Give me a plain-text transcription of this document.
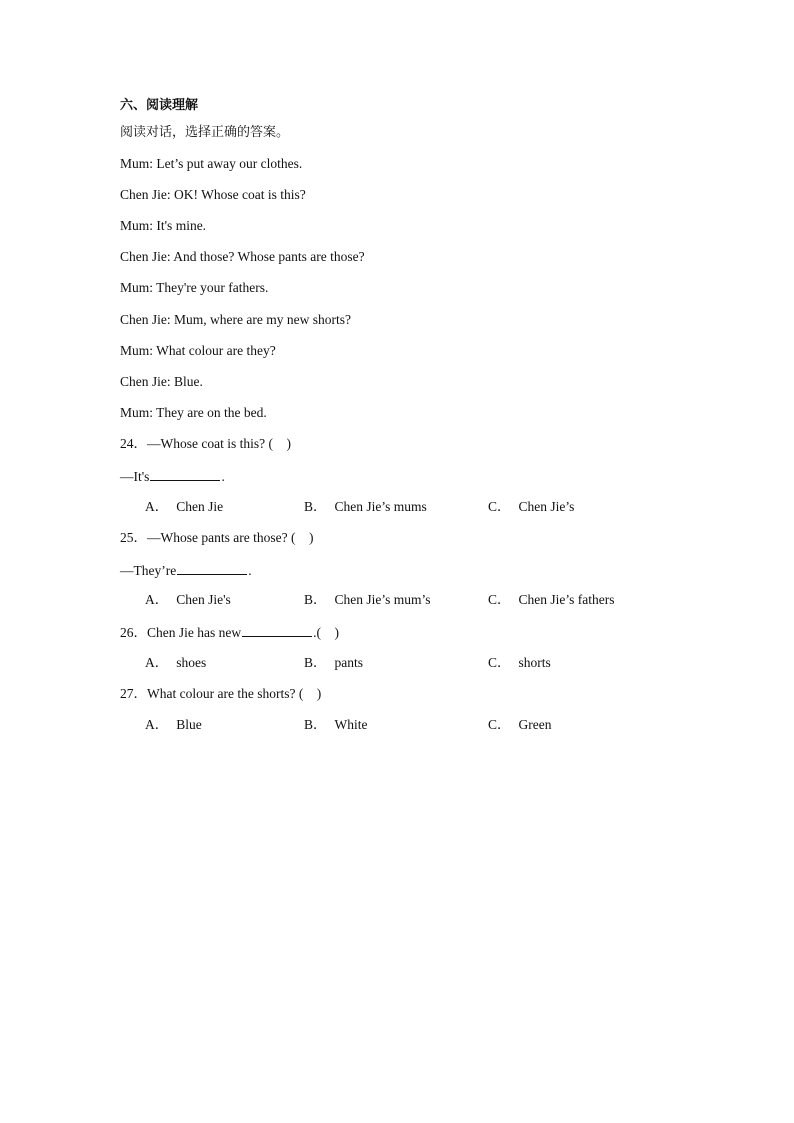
六、阅读理解
阅读对话，选择正确的答案。
Mum: Let’s put away our clothes.
Chen Jie: OK! Whose coat is this?
Mum: It's mine.
Chen Jie: And those? Whose pants are those?
Mum: They're your fathers.
Chen Jie: Mum, where are my new shorts?
Mum: What colour are they?
Chen Jie: Blue.
Mum: They are on the bed.
24．—Whose coat is this? (    )
—It's	.
A． Chen Jie	B． Chen Jie’s mums	C． Chen Jie’s
25．—Whose pants are those? (    )
—They’re	.
A． Chen Jie's	B． Chen Jie’s mum’s	C． Chen Jie’s fathers
26．Chen Jie has new	.(    )
A． shoes	B． pants	C． shorts
27．What colour are the shorts? (    )
A． Blue	B． White	C． Green
